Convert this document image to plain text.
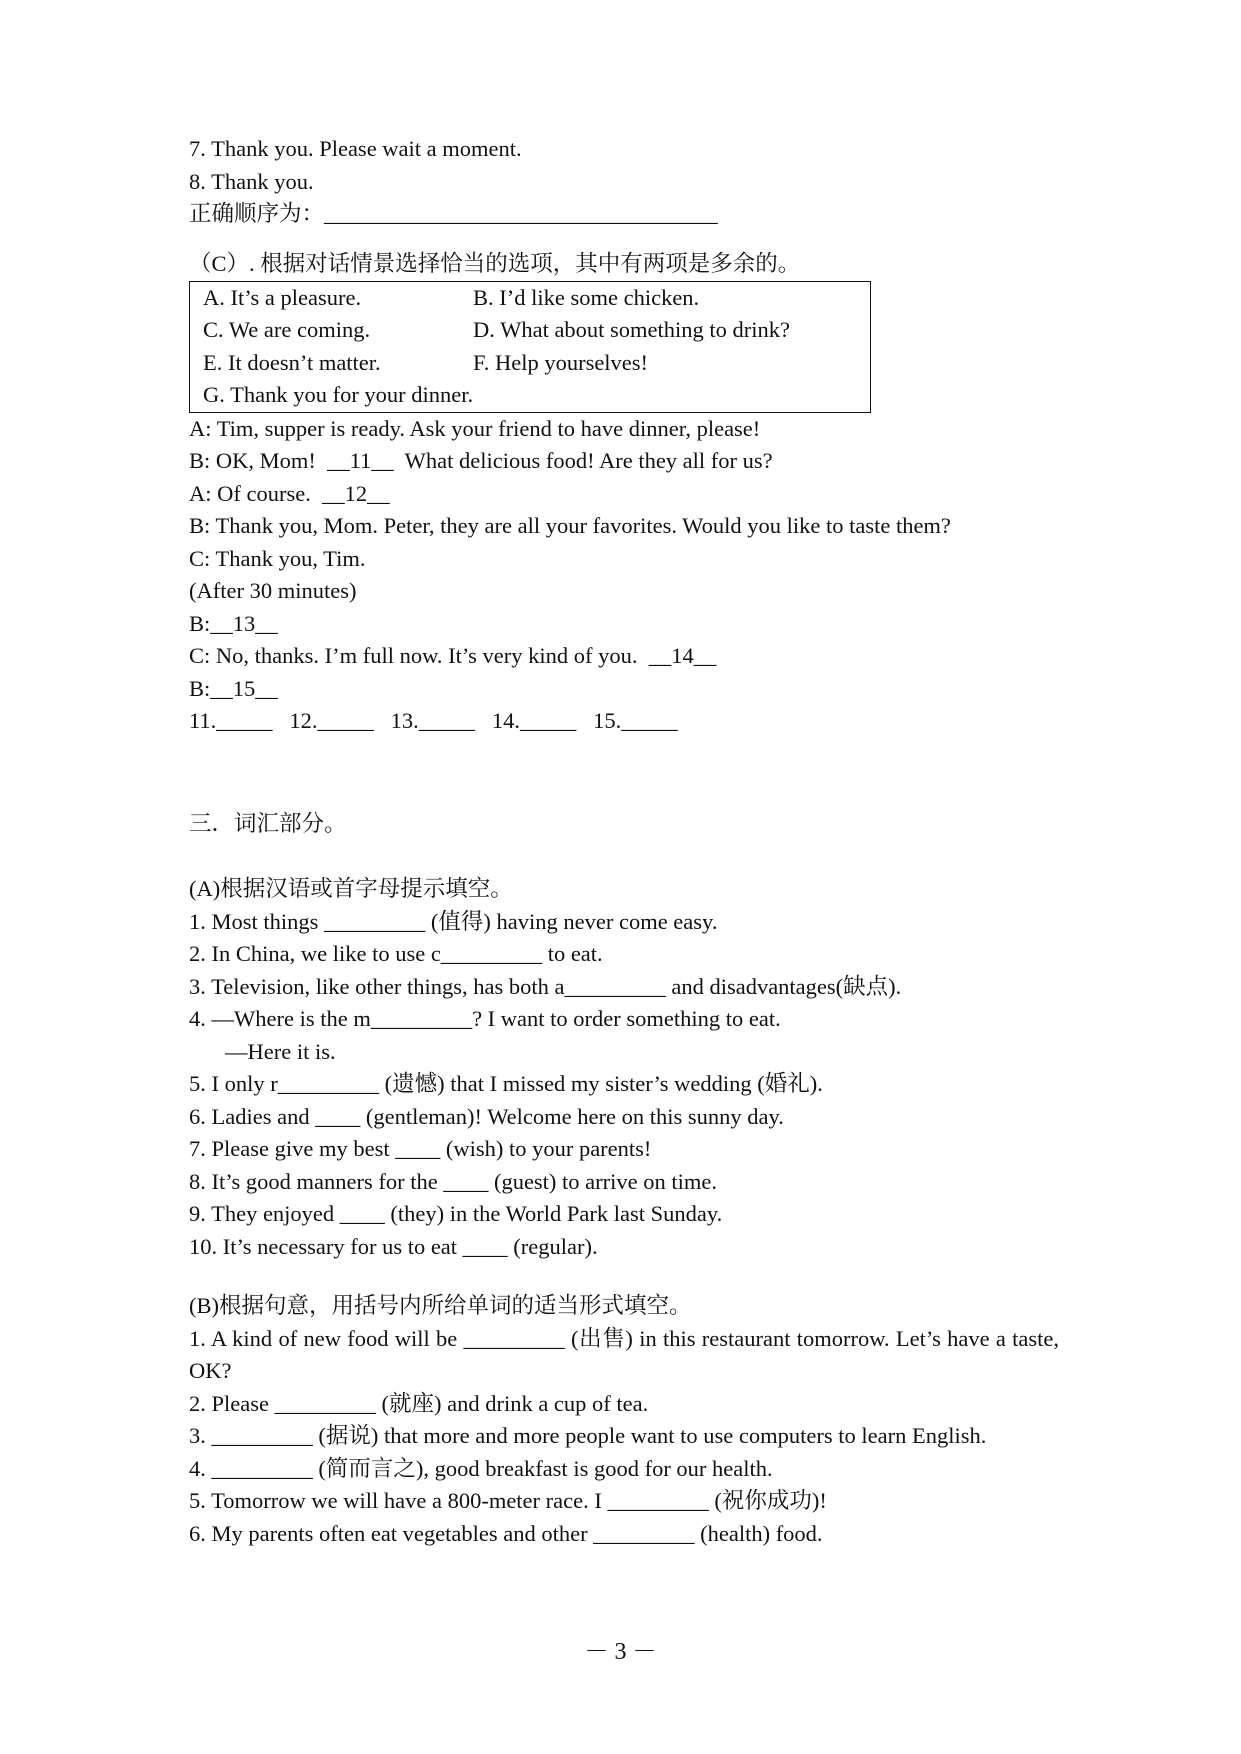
7. Thank you. Please wait a moment.
8. Thank you.
正确顺序为：___________________________________
（C）. 根据对话情景选择恰当的选项，其中有两项是多余的。
A. It’s a pleasure.	B. I’d like some chicken.
C. We are coming.	D. What about something to drink?
E. It doesn’t matter.	F. Help yourselves!
G. Thank you for your dinner.
A: Tim, supper is ready. Ask your friend to have dinner, please!
B: OK, Mom!  __11__  What delicious food! Are they all for us?
A: Of course.  __12__
B: Thank you, Mom. Peter, they are all your favorites. Would you like to taste them?
C: Thank you, Tim.
(After 30 minutes)
B:__13__
C: No, thanks. I’m full now. It’s very kind of you.  __14__
B:__15__
11._____   12._____   13._____   14._____   15._____
三．词汇部分。
(A)根据汉语或首字母提示填空。
1. Most things _________ (值得) having never come easy.
2. In China, we like to use c_________ to eat.
3. Television, like other things, has both a_________ and disadvantages(缺点).
4. —Where is the m_________? I want to order something to eat.
—Here it is.
5. I only r_________ (遗憾) that I missed my sister’s wedding (婚礼).
6. Ladies and ____ (gentleman)! Welcome here on this sunny day.
7. Please give my best ____ (wish) to your parents!
8. It’s good manners for the ____ (guest) to arrive on time.
9. They enjoyed ____ (they) in the World Park last Sunday.
10. It’s necessary for us to eat ____ (regular).
(B)根据句意，用括号内所给单词的适当形式填空。
1. A kind of new food will be _________ (出售) in this restaurant tomorrow. Let’s have a taste, OK?
2. Please _________ (就座) and drink a cup of tea.
3. _________ (据说) that more and more people want to use computers to learn English.
4. _________ (简而言之), good breakfast is good for our health.
5. Tomorrow we will have a 800-meter race. I _________ (祝你成功)!
6. My parents often eat vegetables and other _________ (health) food.
－ 3 －
